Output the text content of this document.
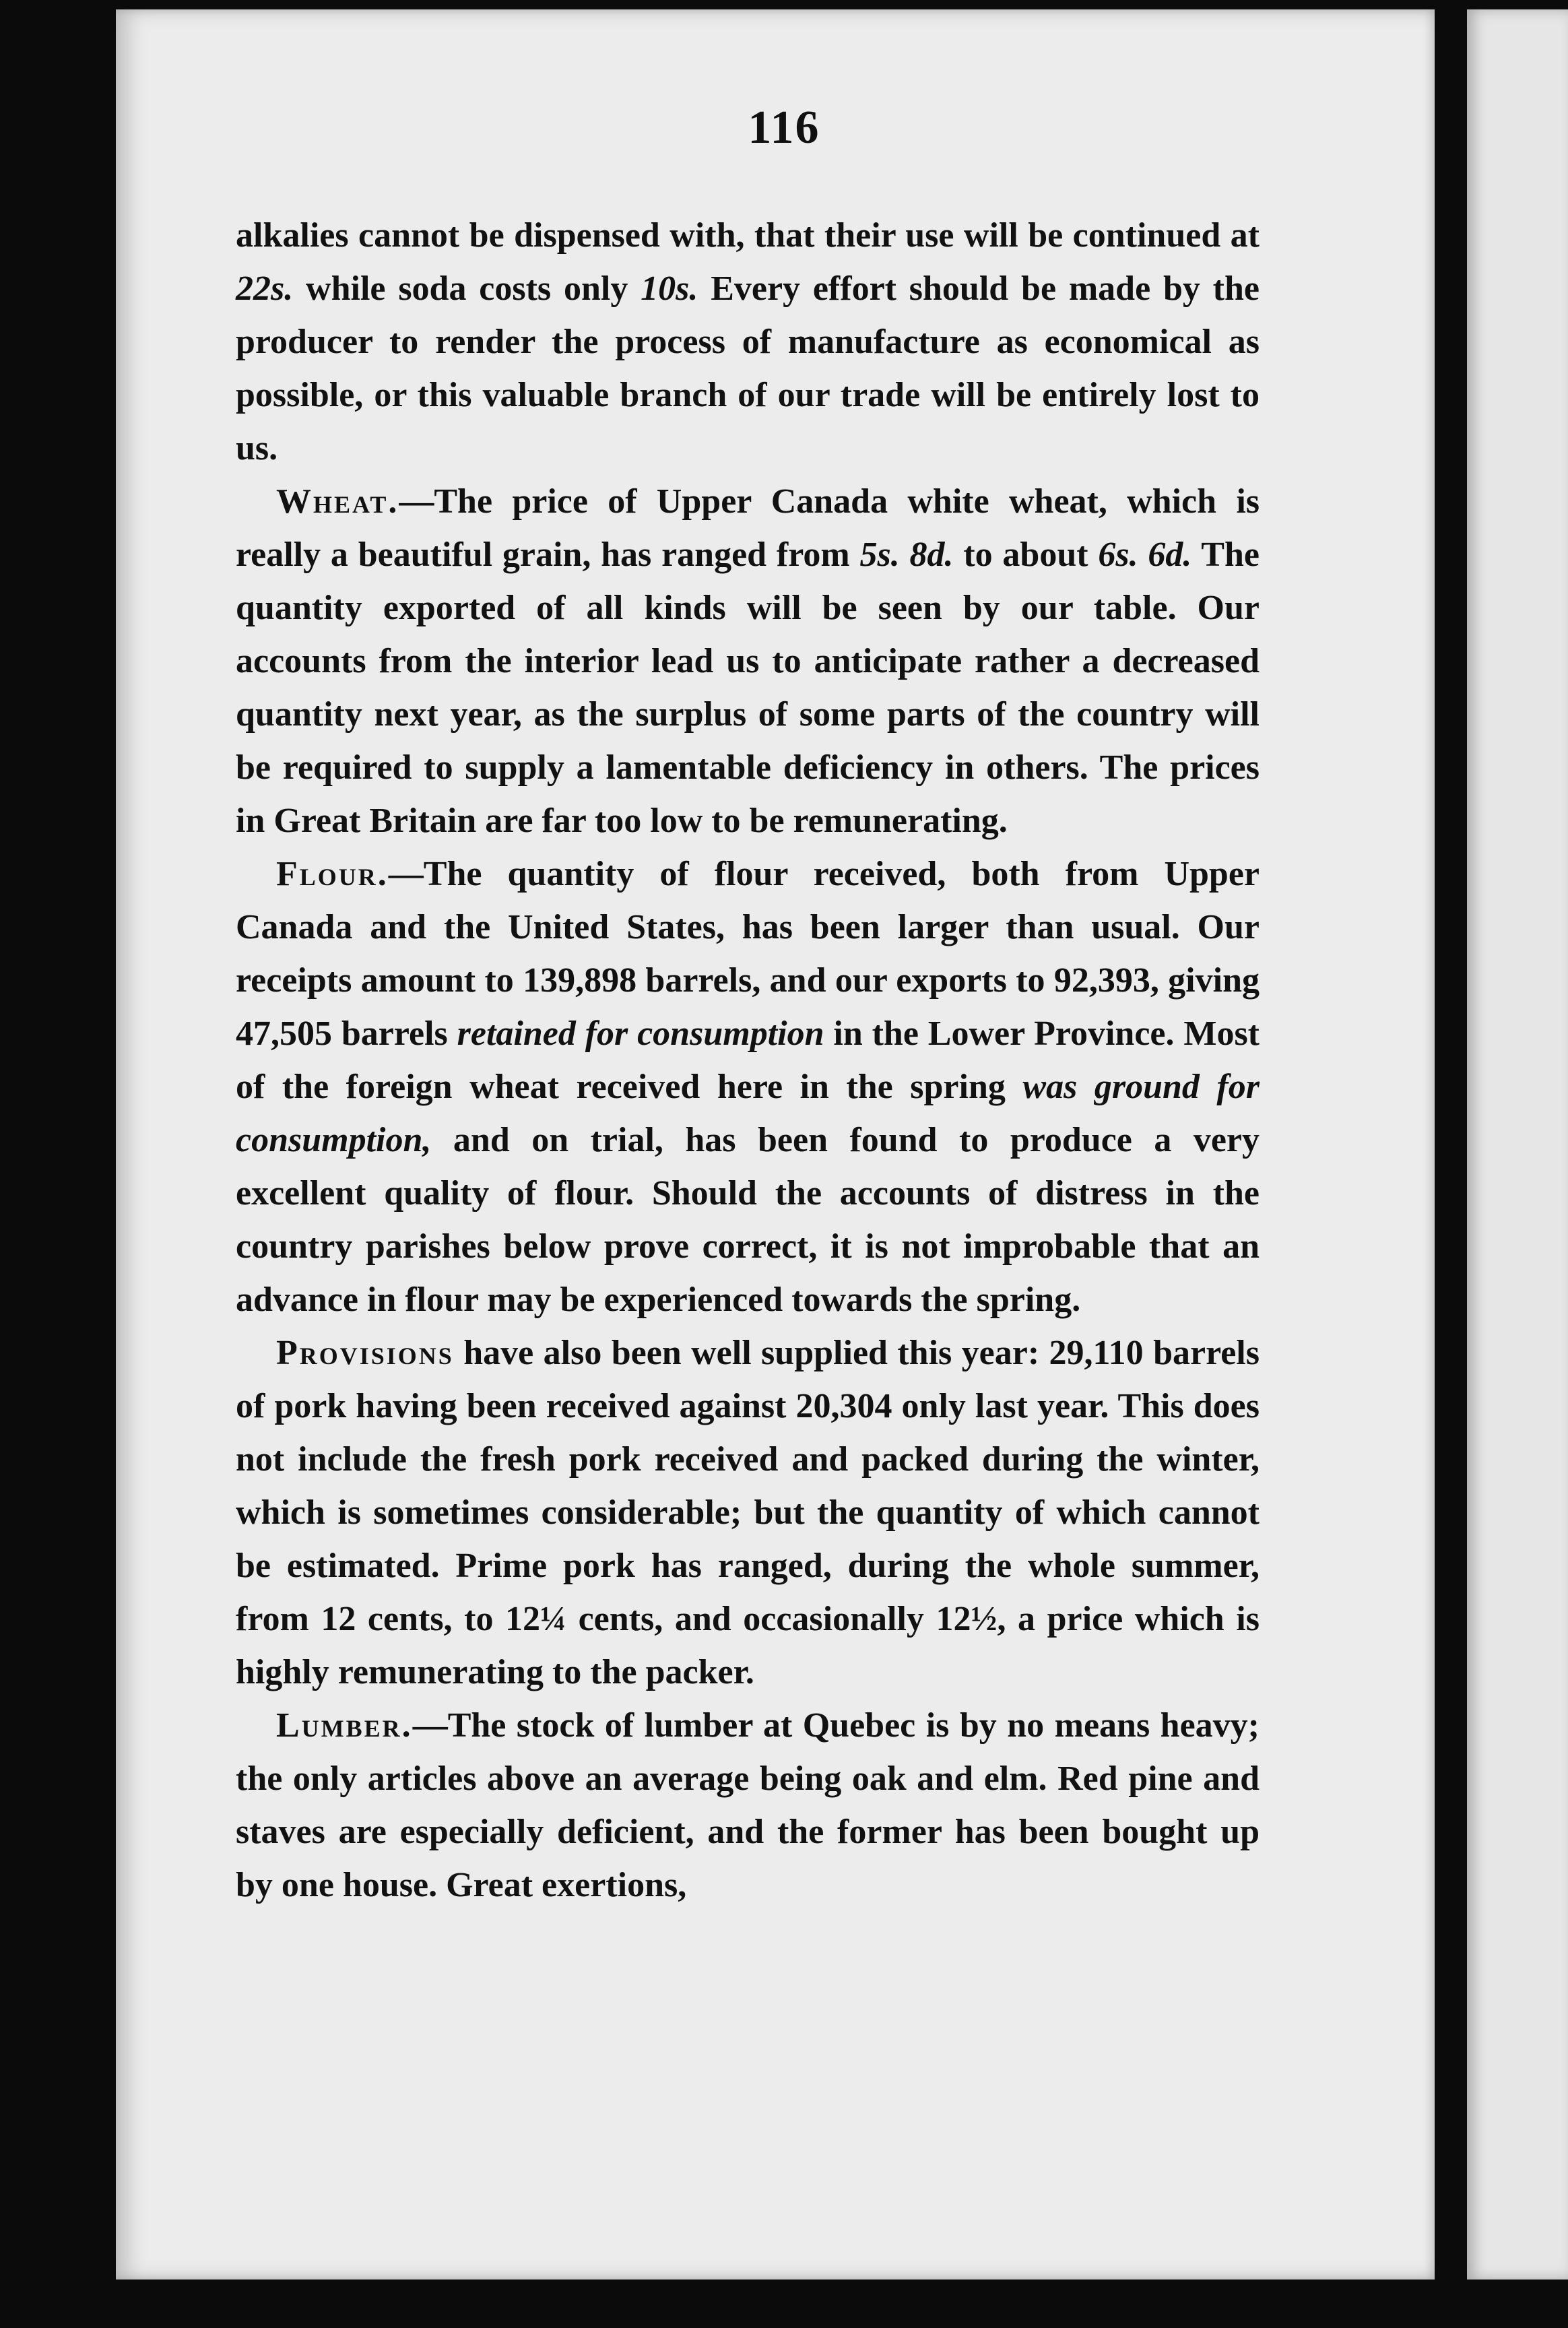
116

alkalies cannot be dispensed with, that their use will be continued at 22s. while soda costs only 10s. Every effort should be made by the producer to render the process of manufacture as economical as possible, or this valuable branch of our trade will be entirely lost to us.

Wheat.—The price of Upper Canada white wheat, which is really a beautiful grain, has ranged from 5s. 8d. to about 6s. 6d. The quantity exported of all kinds will be seen by our table. Our accounts from the interior lead us to anticipate rather a decreased quantity next year, as the surplus of some parts of the country will be required to supply a lamentable deficiency in others. The prices in Great Britain are far too low to be remunerating.

Flour.—The quantity of flour received, both from Upper Canada and the United States, has been larger than usual. Our receipts amount to 139,898 barrels, and our exports to 92,393, giving 47,505 barrels retained for consumption in the Lower Province. Most of the foreign wheat received here in the spring was ground for consumption, and on trial, has been found to produce a very excellent quality of flour. Should the accounts of distress in the country parishes below prove correct, it is not improbable that an advance in flour may be experienced towards the spring.

Provisions have also been well supplied this year: 29,110 barrels of pork having been received against 20,304 only last year. This does not include the fresh pork received and packed during the winter, which is sometimes considerable; but the quantity of which cannot be estimated. Prime pork has ranged, during the whole summer, from 12 cents, to 12¼ cents, and occasionally 12½, a price which is highly remunerating to the packer.

Lumber.—The stock of lumber at Quebec is by no means heavy; the only articles above an average being oak and elm. Red pine and staves are especially deficient, and the former has been bought up by one house. Great exertions,
